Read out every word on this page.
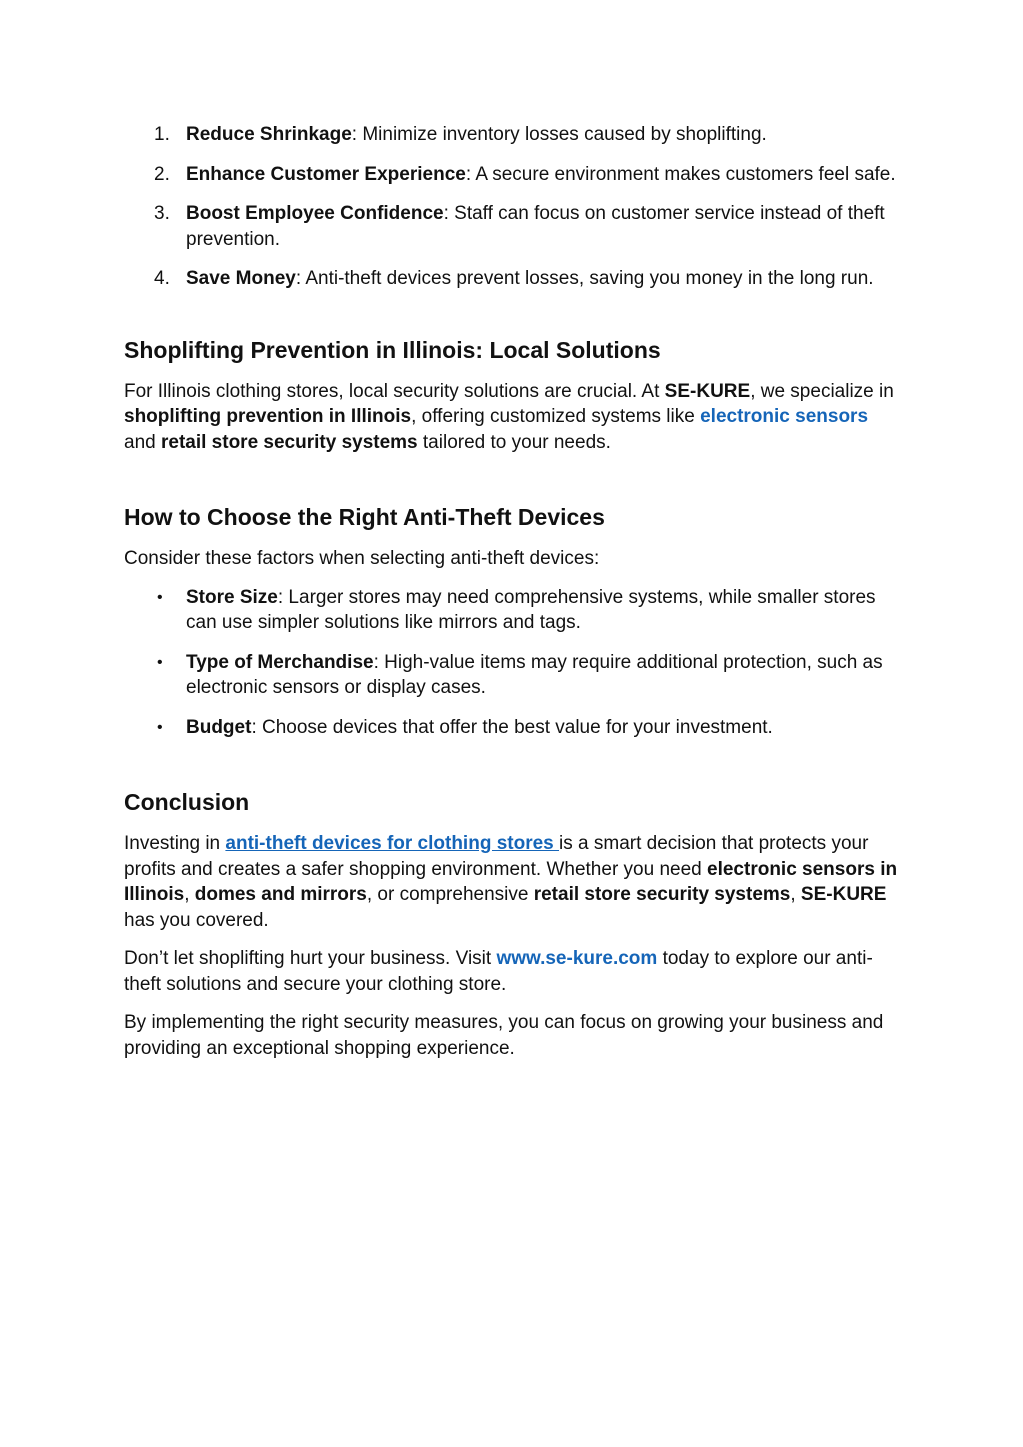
1. Reduce Shrinkage: Minimize inventory losses caused by shoplifting.
2. Enhance Customer Experience: A secure environment makes customers feel safe.
3. Boost Employee Confidence: Staff can focus on customer service instead of theft prevention.
4. Save Money: Anti-theft devices prevent losses, saving you money in the long run.
Shoplifting Prevention in Illinois: Local Solutions

For Illinois clothing stores, local security solutions are crucial. At SE-KURE, we specialize in shoplifting prevention in Illinois, offering customized systems like electronic sensors and retail store security systems tailored to your needs.

How to Choose the Right Anti-Theft Devices

Consider these factors when selecting anti-theft devices:

• Store Size: Larger stores may need comprehensive systems, while smaller stores can use simpler solutions like mirrors and tags.
• Type of Merchandise: High-value items may require additional protection, such as electronic sensors or display cases.
• Budget: Choose devices that offer the best value for your investment.
Conclusion

Investing in anti-theft devices for clothing stores is a smart decision that protects your profits and creates a safer shopping environment. Whether you need electronic sensors in Illinois, domes and mirrors, or comprehensive retail store security systems, SE-KURE has you covered.

Don’t let shoplifting hurt your business. Visit www.se-kure.com today to explore our anti-theft solutions and secure your clothing store.

By implementing the right security measures, you can focus on growing your business and providing an exceptional shopping experience.
